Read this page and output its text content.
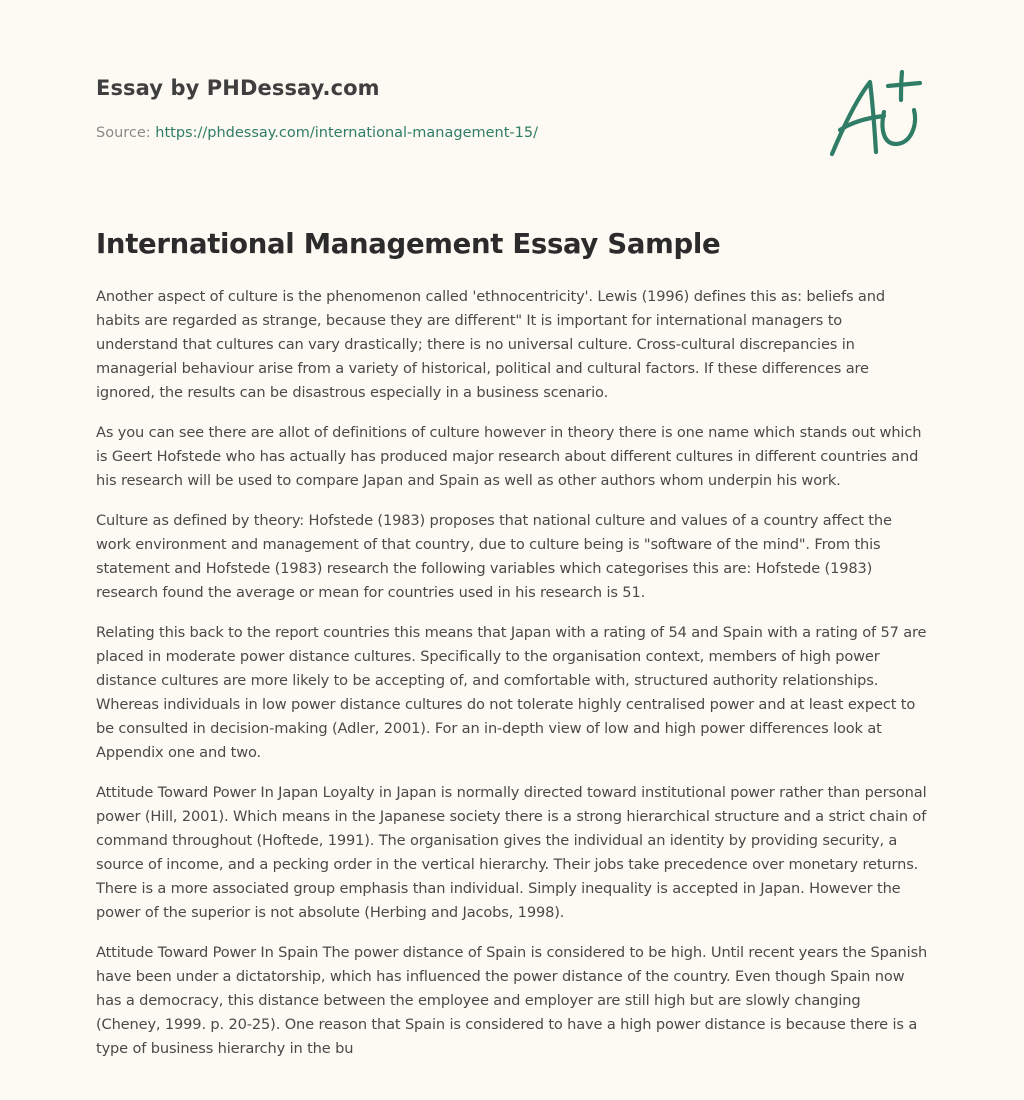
Essay by PHDessay.com
Source: https://phdessay.com/international-management-15/
International Management Essay Sample

Another aspect of culture is the phenomenon called 'ethnocentricity'. Lewis (1996) defines this as: beliefs and habits are regarded as strange, because they are different" It is important for international managers to understand that cultures can vary drastically; there is no universal culture. Cross-cultural discrepancies in managerial behaviour arise from a variety of historical, political and cultural factors. If these differences are ignored, the results can be disastrous especially in a business scenario.

As you can see there are allot of definitions of culture however in theory there is one name which stands out which is Geert Hofstede who has actually has produced major research about different cultures in different countries and his research will be used to compare Japan and Spain as well as other authors whom underpin his work.

Culture as defined by theory: Hofstede (1983) proposes that national culture and values of a country affect the work environment and management of that country, due to culture being is "software of the mind". From this statement and Hofstede (1983) research the following variables which categorises this are: Hofstede (1983) research found the average or mean for countries used in his research is 51.

Relating this back to the report countries this means that Japan with a rating of 54 and Spain with a rating of 57 are placed in moderate power distance cultures. Specifically to the organisation context, members of high power distance cultures are more likely to be accepting of, and comfortable with, structured authority relationships. Whereas individuals in low power distance cultures do not tolerate highly centralised power and at least expect to be consulted in decision-making (Adler, 2001). For an in-depth view of low and high power differences look at Appendix one and two.

Attitude Toward Power In Japan Loyalty in Japan is normally directed toward institutional power rather than personal power (Hill, 2001). Which means in the Japanese society there is a strong hierarchical structure and a strict chain of command throughout (Hoftede, 1991). The organisation gives the individual an identity by providing security, a source of income, and a pecking order in the vertical hierarchy. Their jobs take precedence over monetary returns. There is a more associated group emphasis than individual. Simply inequality is accepted in Japan. However the power of the superior is not absolute (Herbing and Jacobs, 1998).

Attitude Toward Power In Spain The power distance of Spain is considered to be high. Until recent years the Spanish have been under a dictatorship, which has influenced the power distance of the country. Even though Spain now has a democracy, this distance between the employee and employer are still high but are slowly changing (Cheney, 1999. p. 20-25). One reason that Spain is considered to have a high power distance is because there is a type of business hierarchy in the bu
